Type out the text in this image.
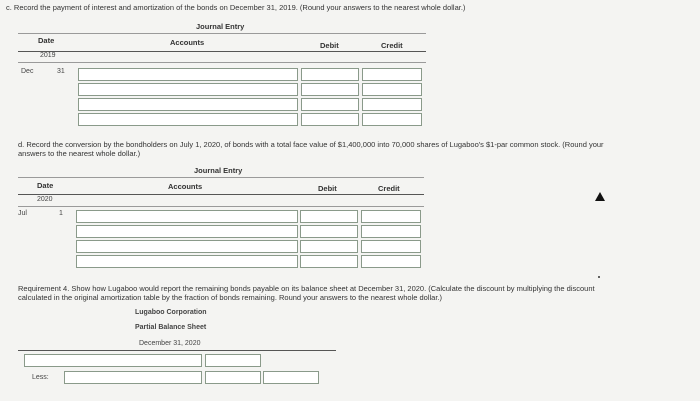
c. Record the payment of interest and amortization of the bonds on December 31, 2019. (Round your answers to the nearest whole dollar.)
Journal Entry
Date	Accounts	Debit	Credit
2019
Dec	31
d. Record the conversion by the bondholders on July 1, 2020, of bonds with a total face value of $1,400,000 into 70,000 shares of Lugaboo's $1-par common stock. (Round your
answers to the nearest whole dollar.)
Journal Entry
Date	Accounts	Debit	Credit
2020
Jul	1
Requirement 4. Show how Lugaboo would report the remaining bonds payable on its balance sheet at December 31, 2020. (Calculate the discount by multiplying the discount
calculated in the original amortization table by the fraction of bonds remaining. Round your answers to the nearest whole dollar.)
Lugaboo Corporation
Partial Balance Sheet
December 31, 2020
Less:
